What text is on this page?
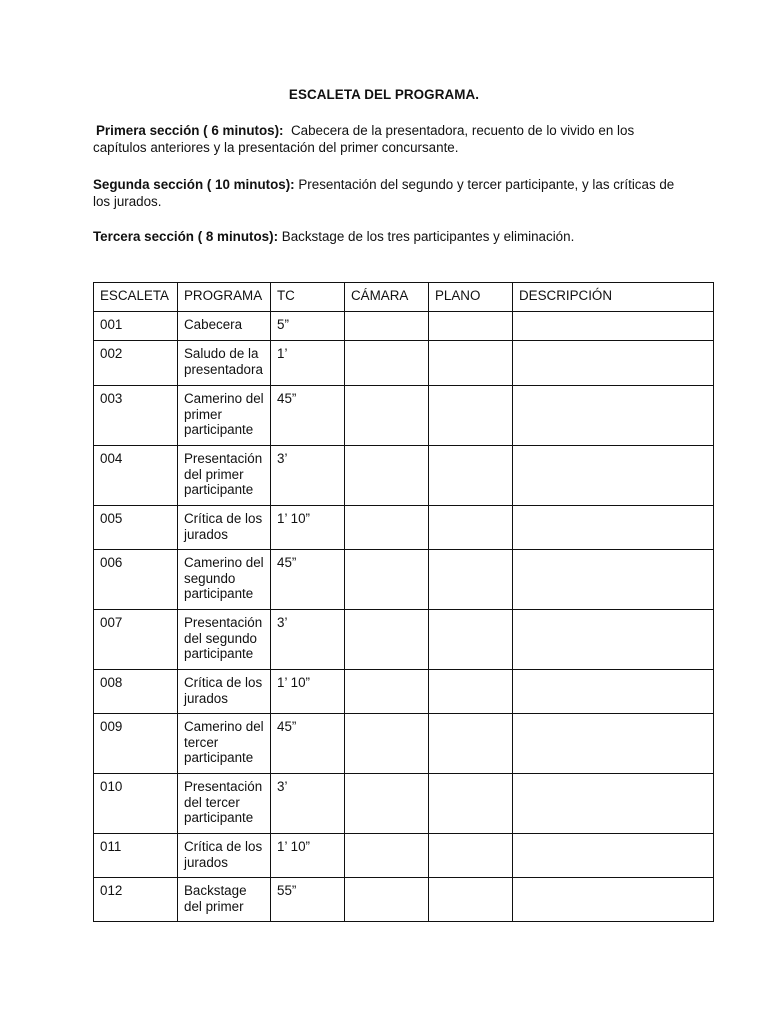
ESCALETA DEL PROGRAMA.

Primera sección ( 6 minutos): Cabecera de la presentadora, recuento de lo vivido en los capítulos anteriores y la presentación del primer concursante.

Segunda sección ( 10 minutos): Presentación del segundo y tercer participante, y las críticas de los jurados.

Tercera sección ( 8 minutos): Backstage de los tres participantes y eliminación.

ESCALETA	PROGRAMA	TC	CÁMARA	PLANO	DESCRIPCIÓN
001	Cabecera	5”			
002	Saludo de la presentadora	1’			
003	Camerino del primer participante	45”			
004	Presentación del primer participante	3’			
005	Crítica de los jurados	1’ 10”			
006	Camerino del segundo participante	45”			
007	Presentación del segundo participante	3’			
008	Crítica de los jurados	1’ 10”			
009	Camerino del tercer participante	45”			
010	Presentación del tercer participante	3’			
011	Crítica de los jurados	1’ 10”			
012	Backstage del primer	55”			
